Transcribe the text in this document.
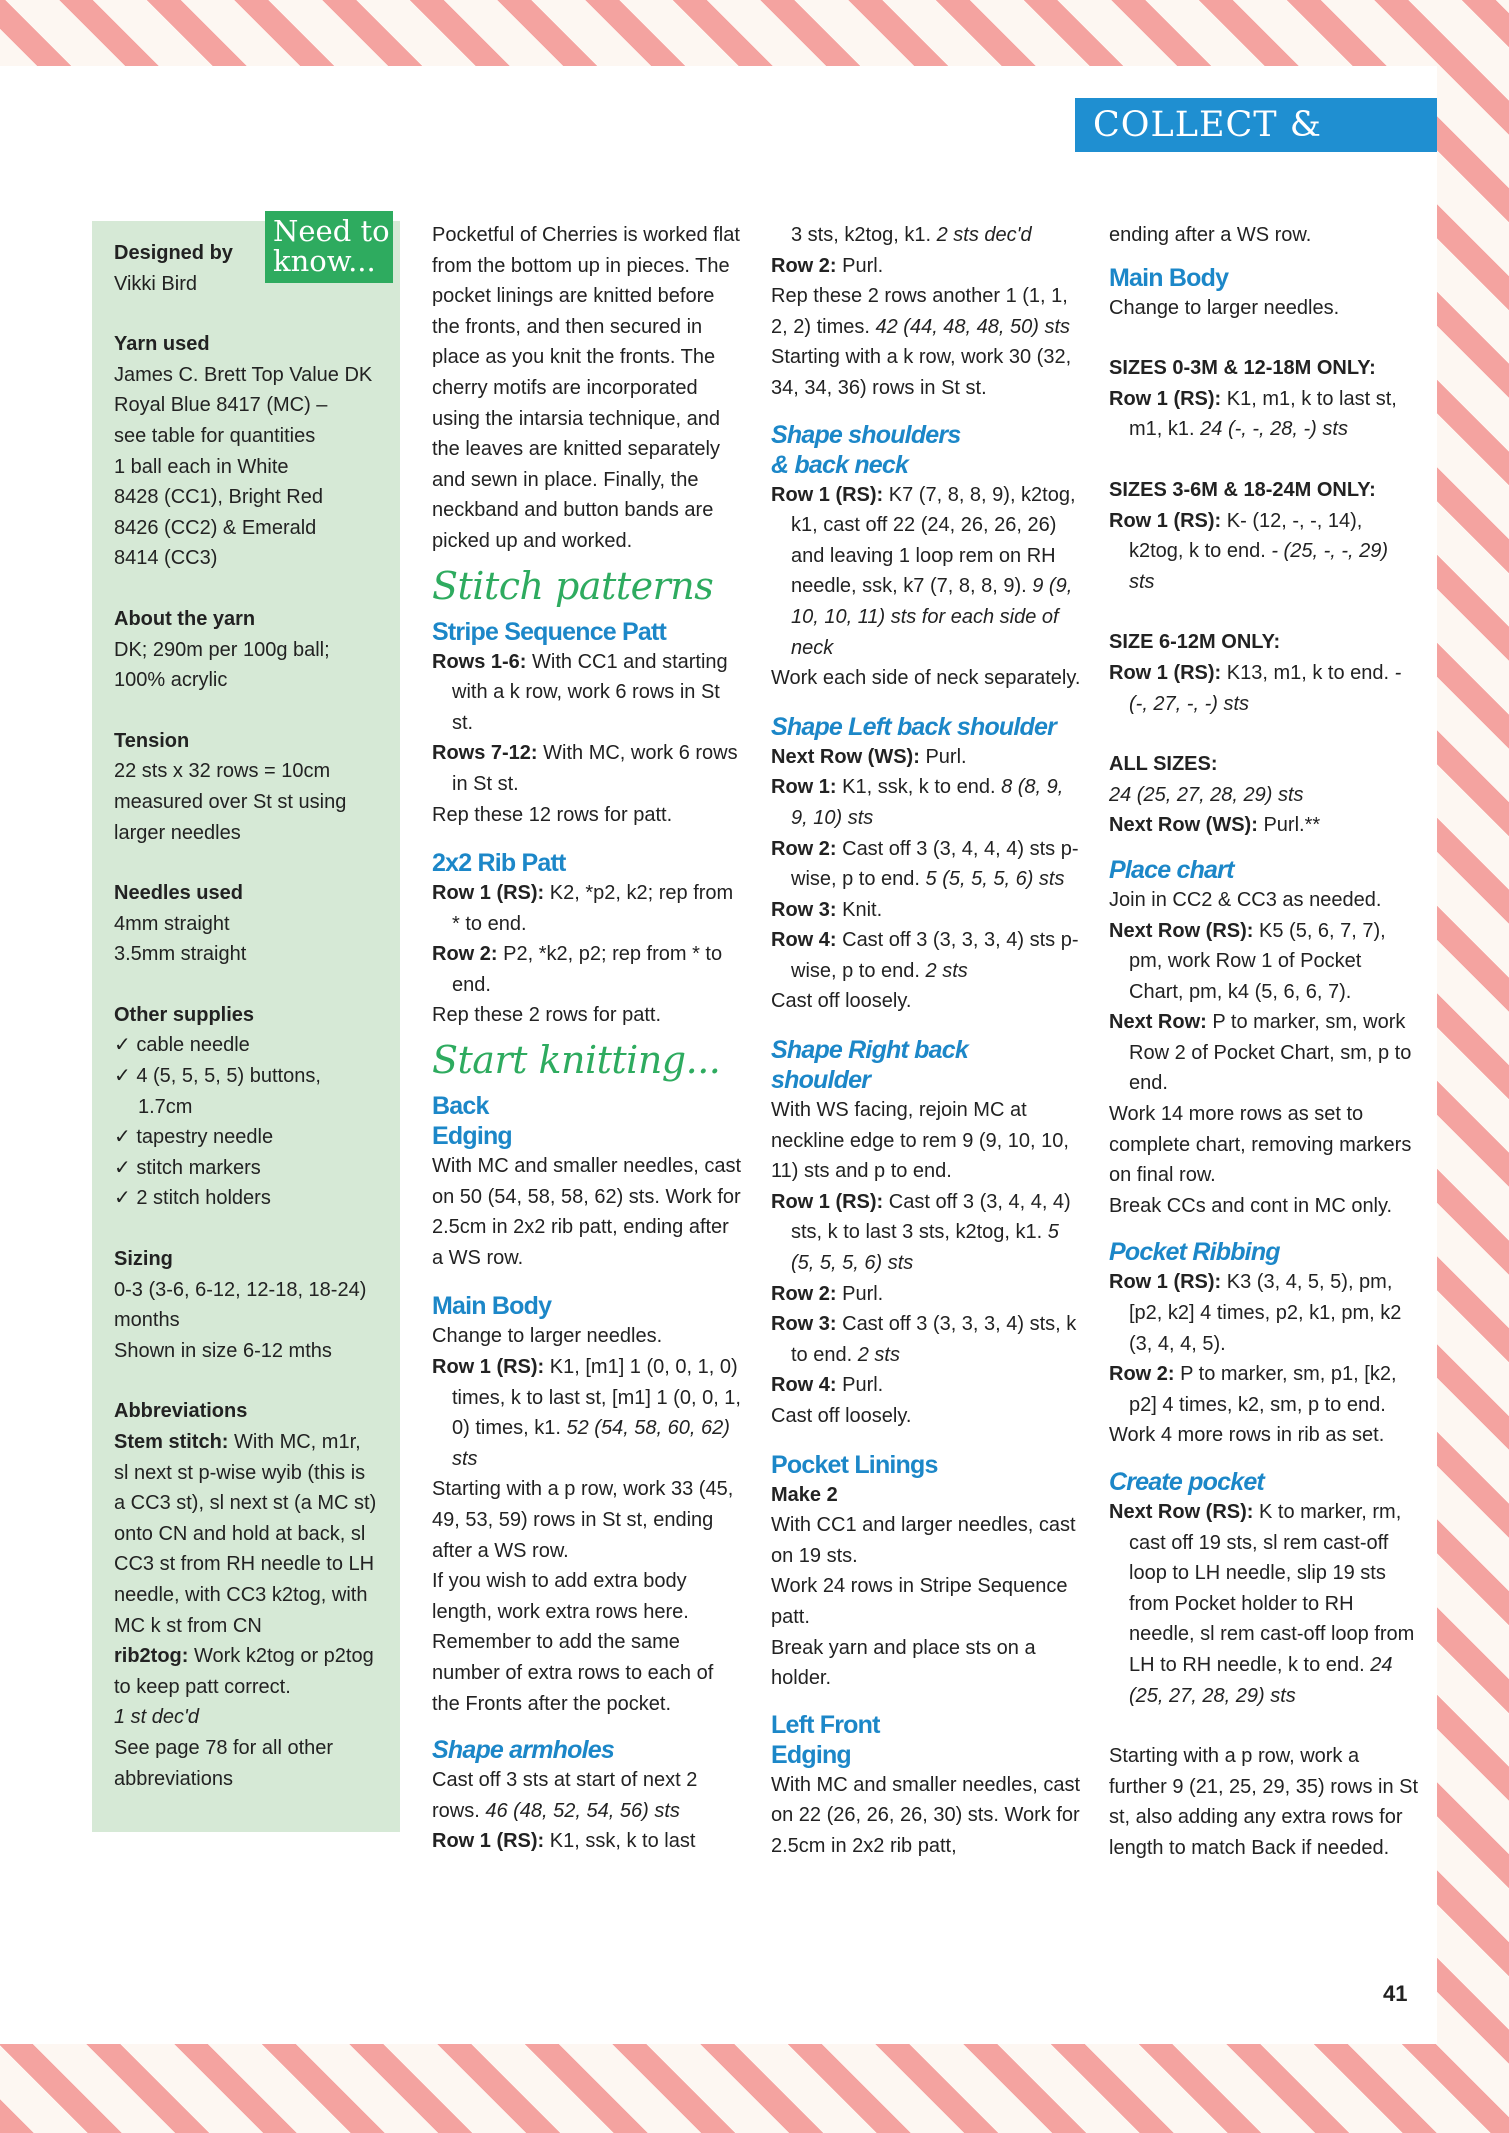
COLLECT & KEEP

Designed by

Vikki Bird

Yarn used

James C. Brett Top Value DK

Royal Blue 8417 (MC) –

see table for quantities

1 ball each in White

8428 (CC1), Bright Red

8426 (CC2) & Emerald

8414 (CC3)

About the yarn

DK; 290m per 100g ball;

100% acrylic

Tension

22 sts x 32 rows = 10cm

measured over St st using

larger needles

Needles used

4mm straight

3.5mm straight

Other supplies

✓ cable needle

✓ 4 (5, 5, 5, 5) buttons, 1.7cm

✓ tapestry needle

✓ stitch markers

✓ 2 stitch holders

Sizing

0-3 (3-6, 6-12, 12-18, 18-24) months

Shown in size 6-12 mths

Abbreviations

Stem stitch: With MC, m1r, sl next st p-wise wyib (this is a CC3 st), sl next st (a MC st) onto CN and hold at back, sl CC3 st from RH needle to LH needle, with CC3 k2tog, with MC k st from CN

rib2tog: Work k2tog or p2tog to keep patt correct.

1 st dec'd

See page 78 for all other abbreviations

Need to
know...

Pocketful of Cherries is worked flat from the bottom up in pieces. The pocket linings are knitted before the fronts, and then secured in place as you knit the fronts. The cherry motifs are incorporated using the intarsia technique, and the leaves are knitted separately and sewn in place. Finally, the neckband and button bands are picked up and worked.

Stitch patterns
Stripe Sequence Patt

Rows 1-6: With CC1 and starting with a k row, work 6 rows in St st.

Rows 7-12: With MC, work 6 rows in St st.

Rep these 12 rows for patt.

2x2 Rib Patt

Row 1 (RS): K2, *p2, k2; rep from * to end.

Row 2: P2, *k2, p2; rep from * to end.

Rep these 2 rows for patt.

Start knitting...
Back
Edging

With MC and smaller needles, cast on 50 (54, 58, 58, 62) sts. Work for 2.5cm in 2x2 rib patt, ending after a WS row.

Main Body

Change to larger needles.

Row 1 (RS): K1, [m1] 1 (0, 0, 1, 0) times, k to last st, [m1] 1 (0, 0, 1, 0) times, k1. 52 (54, 58, 60, 62) sts

Starting with a p row, work 33 (45, 49, 53, 59) rows in St st, ending after a WS row.

If you wish to add extra body length, work extra rows here. Remember to add the same number of extra rows to each of the Fronts after the pocket.

Shape armholes

Cast off 3 sts at start of next 2 rows. 46 (48, 52, 54, 56) sts

Row 1 (RS): K1, ssk, k to last

3 sts, k2tog, k1. 2 sts dec'd

Row 2: Purl.

Rep these 2 rows another 1 (1, 1, 2, 2) times. 42 (44, 48, 48, 50) sts

Starting with a k row, work 30 (32, 34, 34, 36) rows in St st.

Shape shoulders
& back neck

Row 1 (RS): K7 (7, 8, 8, 9), k2tog, k1, cast off 22 (24, 26, 26, 26) and leaving 1 loop rem on RH needle, ssk, k7 (7, 8, 8, 9). 9 (9, 10, 10, 11) sts for each side of neck

Work each side of neck separately.

Shape Left back shoulder

Next Row (WS): Purl.

Row 1: K1, ssk, k to end. 8 (8, 9, 9, 10) sts

Row 2: Cast off 3 (3, 4, 4, 4) sts p-wise, p to end. 5 (5, 5, 5, 6) sts

Row 3: Knit.

Row 4: Cast off 3 (3, 3, 3, 4) sts p-wise, p to end. 2 sts

Cast off loosely.

Shape Right back
shoulder

With WS facing, rejoin MC at neckline edge to rem 9 (9, 10, 10, 11) sts and p to end.

Row 1 (RS): Cast off 3 (3, 4, 4, 4) sts, k to last 3 sts, k2tog, k1. 5 (5, 5, 5, 6) sts

Row 2: Purl.

Row 3: Cast off 3 (3, 3, 3, 4) sts, k to end. 2 sts

Row 4: Purl.

Cast off loosely.

Pocket Linings

Make 2

With CC1 and larger needles, cast on 19 sts.

Work 24 rows in Stripe Sequence patt.

Break yarn and place sts on a holder.

Left Front
Edging

With MC and smaller needles, cast on 22 (26, 26, 26, 30) sts. Work for 2.5cm in 2x2 rib patt,

ending after a WS row.

Main Body

Change to larger needles.

SIZES 0-3M & 12-18M ONLY:

Row 1 (RS): K1, m1, k to last st, m1, k1. 24 (-, -, 28, -) sts

SIZES 3-6M & 18-24M ONLY:

Row 1 (RS): K- (12, -, -, 14), k2tog, k to end. - (25, -, -, 29) sts

SIZE 6-12M ONLY:

Row 1 (RS): K13, m1, k to end. - (-, 27, -, -) sts

ALL SIZES:

24 (25, 27, 28, 29) sts

Next Row (WS): Purl.**

Place chart

Join in CC2 & CC3 as needed.

Next Row (RS): K5 (5, 6, 7, 7), pm, work Row 1 of Pocket Chart, pm, k4 (5, 6, 6, 7).

Next Row: P to marker, sm, work Row 2 of Pocket Chart, sm, p to end.

Work 14 more rows as set to complete chart, removing markers on final row.

Break CCs and cont in MC only.

Pocket Ribbing

Row 1 (RS): K3 (3, 4, 5, 5), pm, [p2, k2] 4 times, p2, k1, pm, k2 (3, 4, 4, 5).

Row 2: P to marker, sm, p1, [k2, p2] 4 times, k2, sm, p to end.

Work 4 more rows in rib as set.

Create pocket

Next Row (RS): K to marker, rm, cast off 19 sts, sl rem cast-off loop to LH needle, slip 19 sts from Pocket holder to RH needle, sl rem cast-off loop from LH to RH needle, k to end. 24 (25, 27, 28, 29) sts

Starting with a p row, work a further 9 (21, 25, 29, 35) rows in St st, also adding any extra rows for length to match Back if needed.

41
